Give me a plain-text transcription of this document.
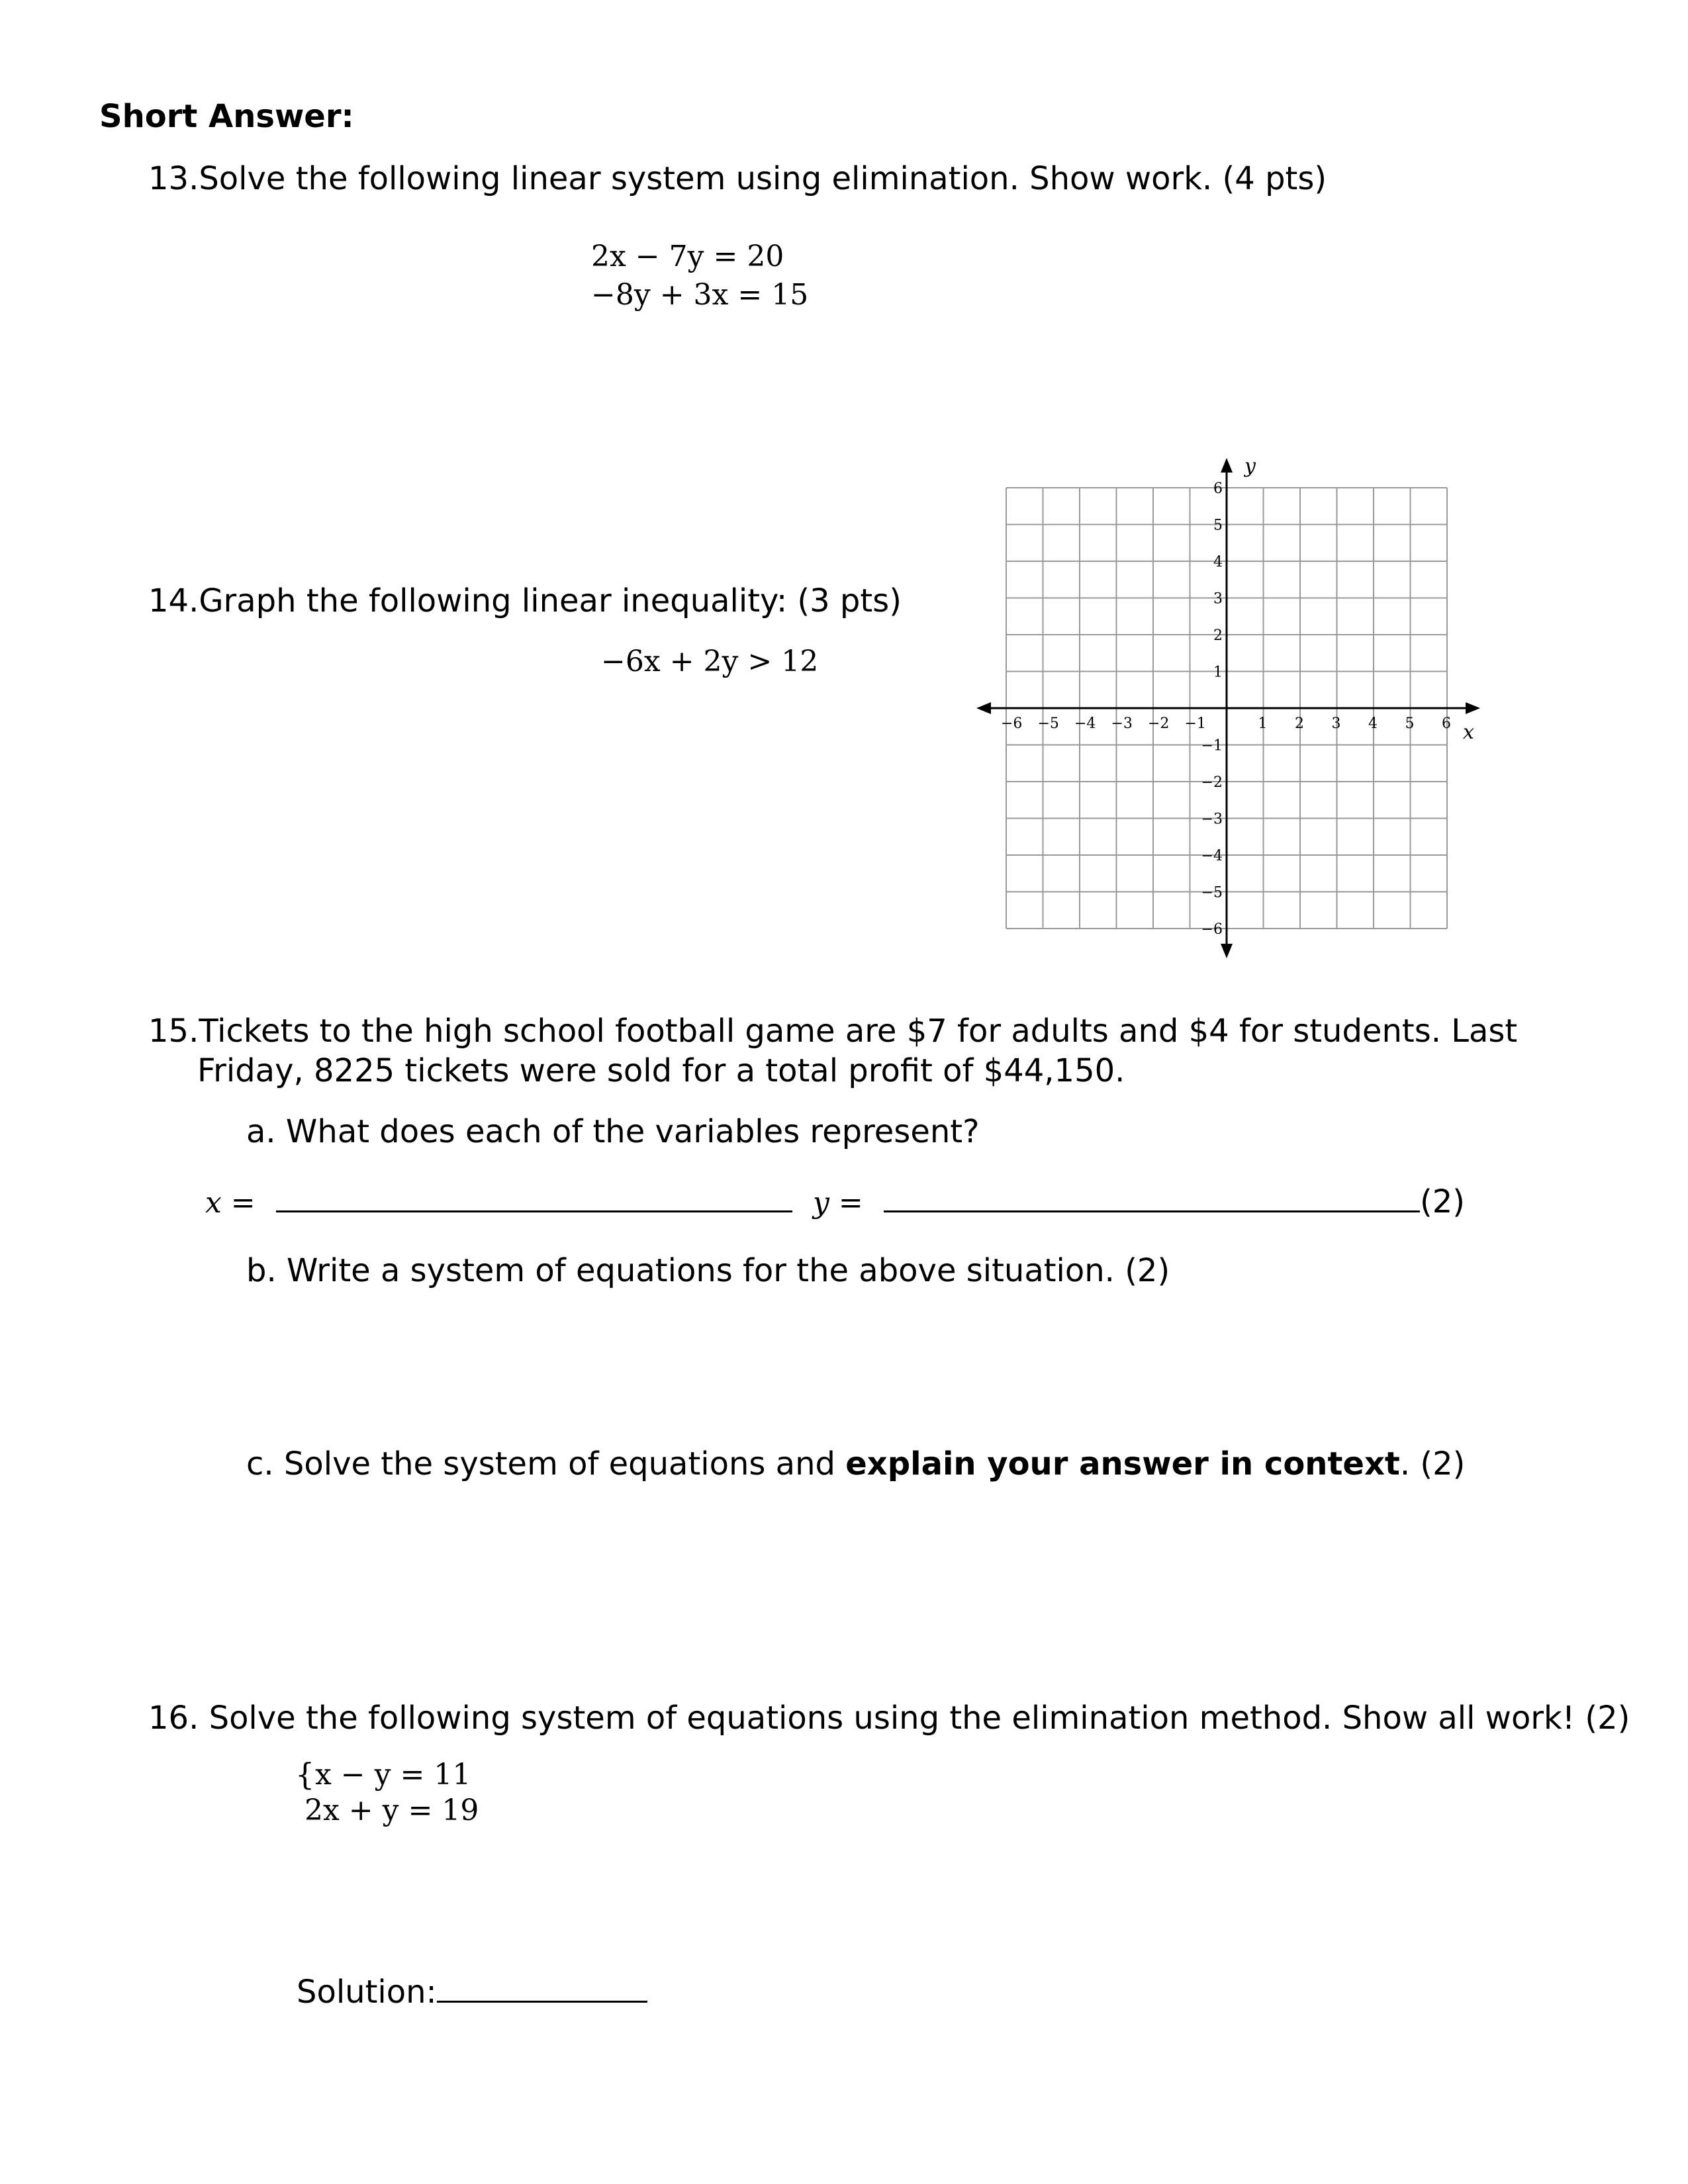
Short Answer:
13.Solve the following linear system using elimination. Show work. (4 pts)
2x − 7y = 20
−8y + 3x = 15
14.Graph the following linear inequality: (3 pts)
−6x + 2y > 12
−6 −5 −4 −3 −2 −1	1 2 3 4 5 6
6
5
4
3
2
1
−1
−2
−3
−4
−5
−6
x
y
15.Tickets to the high school football game are $7 for adults and $4 for students. Last
Friday, 8225 tickets were sold for a total profit of $44,150.
a. What does each of the variables represent?
x =	y =	(2)
b. Write a system of equations for the above situation. (2)
c. Solve the system of equations and explain your answer in context. (2)
16. Solve the following system of equations using the elimination method. Show all work! (2)
{ x − y = 11
2x + y = 19
Solution:
